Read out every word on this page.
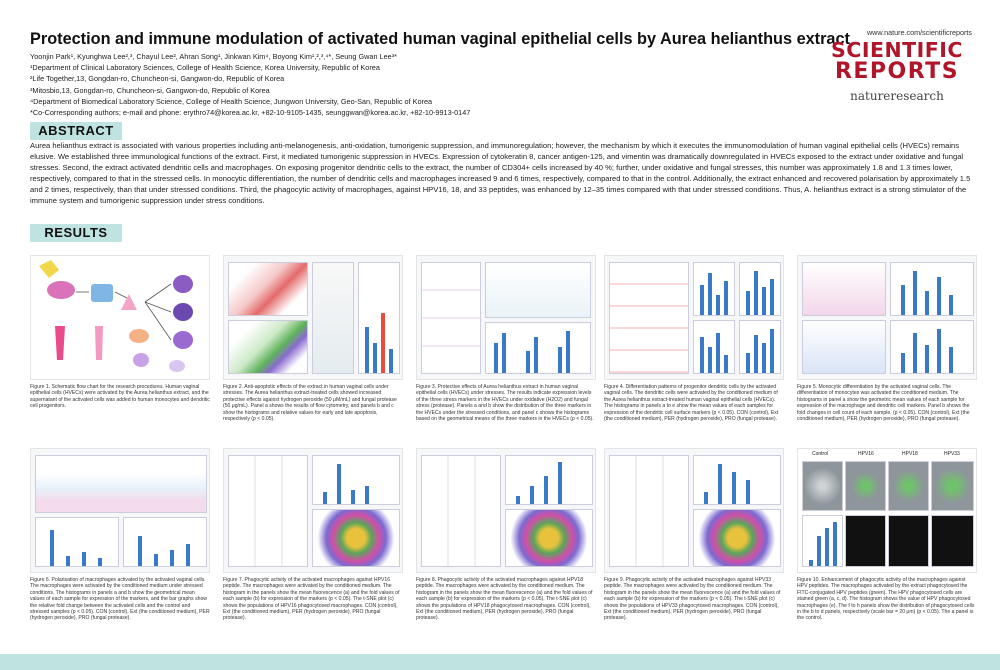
Protection and immune modulation of activated human vaginal epithelial cells by Aurea helianthus extract
Yoonjin Park¹, Kyunghwa Lee²,³, Chayul Lee², Ahran Song¹, Jinkwan Kim⁴, Boyong Kim¹,²,³,⁴*, Seung Gwan Lee³*
¹Department of Clinical Laboratory Sciences, College of Health Science, Korea University, Republic of Korea
²Life Together,13, Gongdan-ro, Chuncheon-si, Gangwon-do, Republic of Korea
³Mitosbio,13, Gongdan-ro, Chuncheon-si, Gangwon-do, Republic of Korea
⁴Department of Biomedical Laboratory Science, College of Health Science, Jungwon University, Geo-San, Republic of Korea
*Co-Corresponding authors; e-mail and phone: erythro74@korea.ac.kr, +82-10-9105-1435, seunggwan@korea.ac.kr, +82-10-9913-0147
www.nature.com/scientificreports
SCIENTIFIC
REPORTS
natureresearch
ABSTRACT
Aurea helianthus extract is associated with various properties including anti-melanogenesis, anti-oxidation, tumorigenic suppression, and immunoregulation; however, the mechanism by which it executes the immunomodulation of human vaginal epithelial cells (HVECs) remains elusive. We established three immunological functions of the extract. First, it mediated tumorigenic suppression in HVECs. Expression of cytokeratin 8, cancer antigen-125, and vimentin was dramatically downregulated in HVECs exposed to the extract under oxidative and fungal stresses. Second, the extract activated dendritic cells and macrophages. On exposing progenitor dendritic cells to the extract, the number of CD304+ cells increased by 40 %; further, under oxidative and fungal stresses, this number was approximately 1.8 and 1.3 times lower, respectively, compared to that in the stressed cells. In monocytic differentiation, the number of dendritic cells and macrophages increased 9 and 6 times, respectively, compared to that in the control. Additionally, the extract enhanced and recovered polarisation by approximately 1.5 and 2 times, respectively, than that under stressed conditions. Third, the phagocytic activity of macrophages, against HPV16, 18, and 33 peptides, was enhanced by 12–35 times compared with that under stressed conditions. Thus, A. helianthus extract is a strong stimulator of the immune system and tumorigenic suppression under stress conditions.
RESULTS
Figure 1. Schematic flow chart for the research procedures. Human vaginal epithelial cells (HVECs) were activated by the Aurea helianthus extract, and the supernatant of the activated cells was added to human monocytes and dendritic cell progenitors.
Figure 2. Anti-apoptotic effects of the extract in human vaginal cells under stresses. The Aurea helianthus extract-treated cells showed increased protective effects against hydrogen peroxide (50 μM/mL) and fungal protease (50 μg/mL). Panel a shows the results of flow cytometry, and panels b and c show the histograms and relative values for early and late apoptosis, respectively (p < 0.05).
Figure 3. Protective effects of Aurea helianthus extract in human vaginal epithelial cells (HVECs) under stresses. The results indicate expression levels of the three stress markers in the HVECs under oxidative (H2O2) and fungal stress (protease). Panels a and b show the distribution of the three markers in the HVECs under the stressed conditions, and panel c shows the histograms based on the geometrical means of the three markers in the HVECs (p < 0.05).
Figure 4. Differentiation patterns of progenitor dendritic cells by the activated vaginal cells. The dendritic cells were activated by the conditioned medium of the Aurea helianthus extract-treated human vaginal epithelial cells (HVECs). The histograms in panels a to e show the mean values of each samples for expression of the dendritic cell surface markers (p < 0.05). CON (control), Ext (the conditioned medium), PER (hydrogen peroxide), PRO (fungal protease).
Figure 5. Monocytic differentiation by the activated vaginal cells. The differentiation of monocytes was activated the conditioned medium. The histograms in panel a show the geometric mean values of each sample for expression of the macrophage and dendritic cell markers. Panel b shows the fold changes in cell count of each sample. (p < 0.05). CON (control), Ext (the conditioned medium), PER (hydrogen peroxide), PRO (fungal protease).
Figure 6. Polarisation of macrophages activated by the activated vaginal cells. The macrophages were activated by the conditioned medium under stressed conditions. The histograms in panels a and b show the geometrical mean values of each sample for expression of the markers, and the bar graphs show the relative fold change between the activated cells and the control and stressed samples (p < 0.05). CON (control), Ext (the conditioned medium), PER (hydrogen peroxide), PRO (fungal protease).
Figure 7. Phagocytic activity of the activated macrophages against HPV16 peptide. The macrophages were activated by the conditioned medium. The histogram in the panels show the mean fluorescence (a) and the fold values of each sample (b) for expression of the markers (p < 0.05). The t-SNE plot (c) shows the populations of HPV16 phagocytosed macrophages. CON (control), Ext (the conditioned medium), PER (hydrogen peroxide), PRO (fungal protease).
Figure 8. Phagocytic activity of the activated macrophages against HPV18 peptide. The macrophages were activated by the conditioned medium. The histogram in the panels show the mean fluorescence (a) and the fold values of each sample (b) for expression of the markers (p < 0.05). The t-SNE plot (c) shows the populations of HPV18 phagocytosed macrophages. CON (control), Ext (the conditioned medium), PER (hydrogen peroxide), PRO (fungal protease).
Figure 9. Phagocytic activity of the activated macrophages against HPV33 peptide. The macrophages were activated by the conditioned medium. The histogram in the panels show the mean fluorescence (a) and the fold values of each sample (b) for expression of the markers (p < 0.05). The t-SNE plot (c) shows the populations of HPV33 phagocytosed macrophages. CON (control), Ext (the conditioned medium), PER (hydrogen peroxide), PRO (fungal protease).
Control	HPV16	HPV18	HPV33
Figure 10. Enhancement of phagocytic activity of the macrophages against HPV peptides. The macrophages activated by the extract phagocytosed the FITC-conjugated HPV peptides (green). The HPV phagocytosed cells are stained green (a, c, d). The histogram shows the value of HPV phagocytosed macrophages (e). The f to h panels show the distribution of phagocytosed cells in the b to d panels, respectively (scale bar = 20 μm) (p < 0.05). The a panel is the control.
